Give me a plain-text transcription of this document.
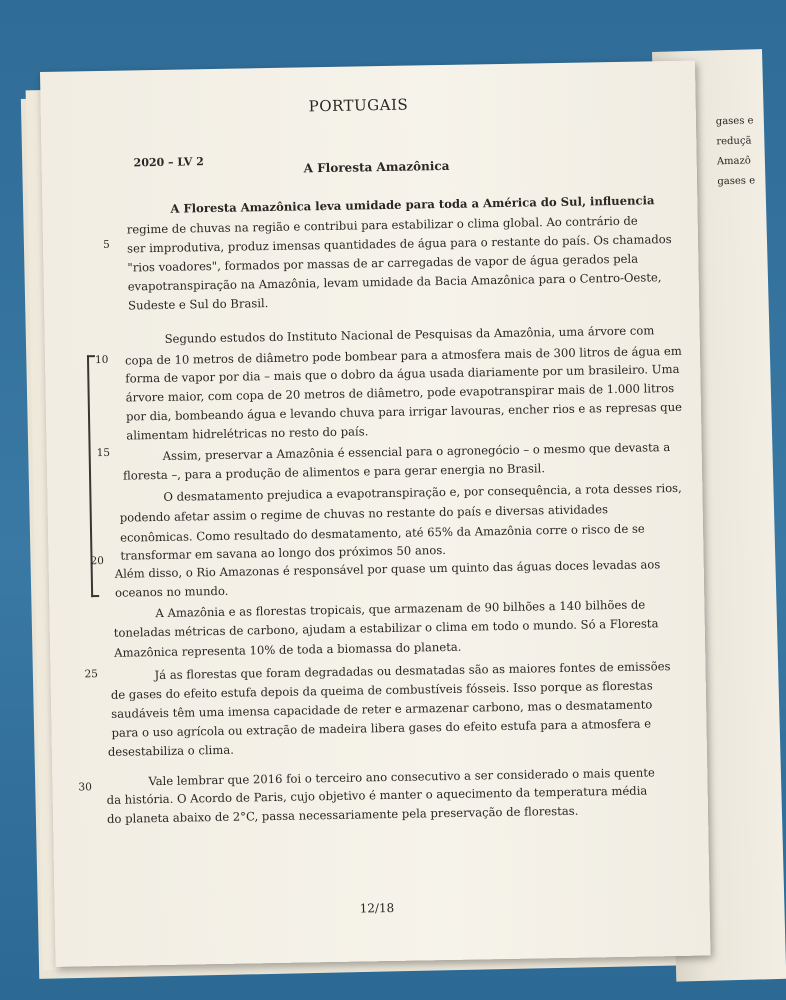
gases e
reduçã
Amazô
gases e
PORTUGAIS
2020 – LV 2	A Floresta Amazônica
5
10
15
20
25
30
A Floresta Amazônica leva umidade para toda a América do Sul, influencia
regime de chuvas na região e contribui para estabilizar o clima global. Ao contrário de
ser improdutiva, produz imensas quantidades de água para o restante do país. Os chamados
"rios voadores", formados por massas de ar carregadas de vapor de água gerados pela
evapotranspiração na Amazônia, levam umidade da Bacia Amazônica para o Centro-Oeste,
Sudeste e Sul do Brasil.
Segundo estudos do Instituto Nacional de Pesquisas da Amazônia, uma árvore com
copa de 10 metros de diâmetro pode bombear para a atmosfera mais de 300 litros de água em
forma de vapor por dia – mais que o dobro da água usada diariamente por um brasileiro. Uma
árvore maior, com copa de 20 metros de diâmetro, pode evapotranspirar mais de 1.000 litros
por dia, bombeando água e levando chuva para irrigar lavouras, encher rios e as represas que
alimentam hidrelétricas no resto do país.
Assim, preservar a Amazônia é essencial para o agronegócio – o mesmo que devasta a
floresta –, para a produção de alimentos e para gerar energia no Brasil.
O desmatamento prejudica a evapotranspiração e, por consequência, a rota desses rios,
podendo afetar assim o regime de chuvas no restante do país e diversas atividades
econômicas. Como resultado do desmatamento, até 65% da Amazônia corre o risco de se
transformar em savana ao longo dos próximos 50 anos.
Além disso, o Rio Amazonas é responsável por quase um quinto das águas doces levadas aos
oceanos no mundo.
A Amazônia e as florestas tropicais, que armazenam de 90 bilhões a 140 bilhões de
toneladas métricas de carbono, ajudam a estabilizar o clima em todo o mundo. Só a Floresta
Amazônica representa 10% de toda a biomassa do planeta.
Já as florestas que foram degradadas ou desmatadas são as maiores fontes de emissões
de gases do efeito estufa depois da queima de combustíveis fósseis. Isso porque as florestas
saudáveis têm uma imensa capacidade de reter e armazenar carbono, mas o desmatamento
para o uso agrícola ou extração de madeira libera gases do efeito estufa para a atmosfera e
desestabiliza o clima.
Vale lembrar que 2016 foi o terceiro ano consecutivo a ser considerado o mais quente
da história. O Acordo de Paris, cujo objetivo é manter o aquecimento da temperatura média
do planeta abaixo de 2°C, passa necessariamente pela preservação de florestas.
12/18
